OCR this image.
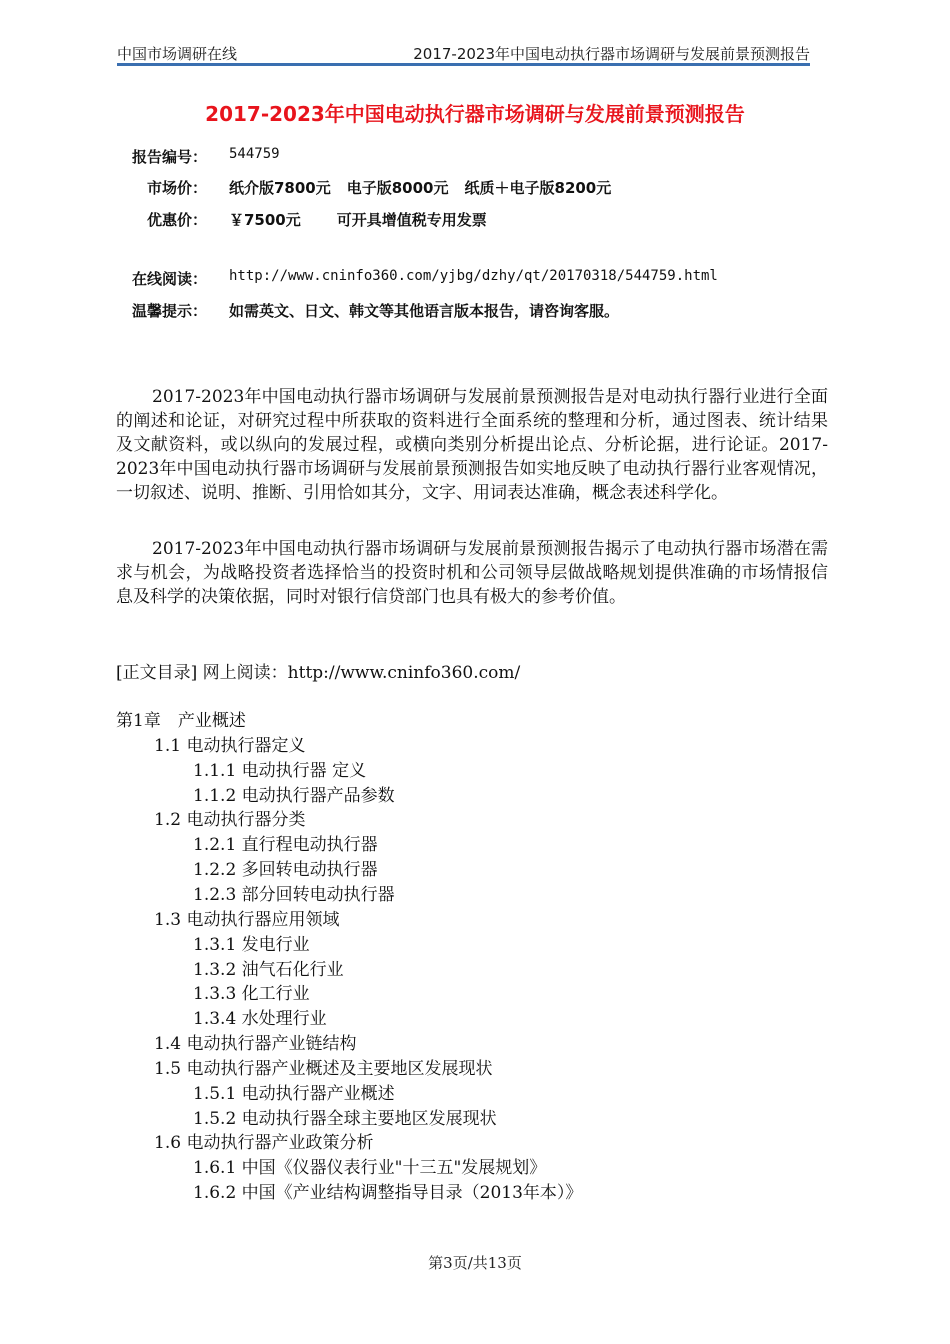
中国市场调研在线	2017-2023年中国电动执行器市场调研与发展前景预测报告
2017-2023年中国电动执行器市场调研与发展前景预测报告
报告编号： 544759
市场价： 纸介版7800元 电子版8000元 纸质＋电子版8200元
优惠价： ￥7500元 可开具增值税专用发票
在线阅读： http://www.cninfo360.com/yjbg/dzhy/qt/20170318/544759.html
温馨提示： 如需英文、日文、韩文等其他语言版本报告，请咨询客服。

2017-2023年中国电动执行器市场调研与发展前景预测报告是对电动执行器行业进行全面的阐述和论证，对研究过程中所获取的资料进行全面系统的整理和分析，通过图表、统计结果及文献资料，或以纵向的发展过程，或横向类别分析提出论点、分析论据，进行论证。2017-2023年中国电动执行器市场调研与发展前景预测报告如实地反映了电动执行器行业客观情况，一切叙述、说明、推断、引用恰如其分，文字、用词表达准确，概念表述科学化。

2017-2023年中国电动执行器市场调研与发展前景预测报告揭示了电动执行器市场潜在需求与机会，为战略投资者选择恰当的投资时机和公司领导层做战略规划提供准确的市场情报信息及科学的决策依据，同时对银行信贷部门也具有极大的参考价值。

[正文目录] 网上阅读：http://www.cninfo360.com/
第1章　产业概述
1.1 电动执行器定义
1.1.1 电动执行器 定义
1.1.2 电动执行器产品参数
1.2 电动执行器分类
1.2.1 直行程电动执行器
1.2.2 多回转电动执行器
1.2.3 部分回转电动执行器
1.3 电动执行器应用领域
1.3.1 发电行业
1.3.2 油气石化行业
1.3.3 化工行业
1.3.4 水处理行业
1.4 电动执行器产业链结构
1.5 电动执行器产业概述及主要地区发展现状
1.5.1 电动执行器产业概述
1.5.2 电动执行器全球主要地区发展现状
1.6 电动执行器产业政策分析
1.6.1 中国《仪器仪表行业"十三五"发展规划》
1.6.2 中国《产业结构调整指导目录（2013年本）》
第3页/共13页
